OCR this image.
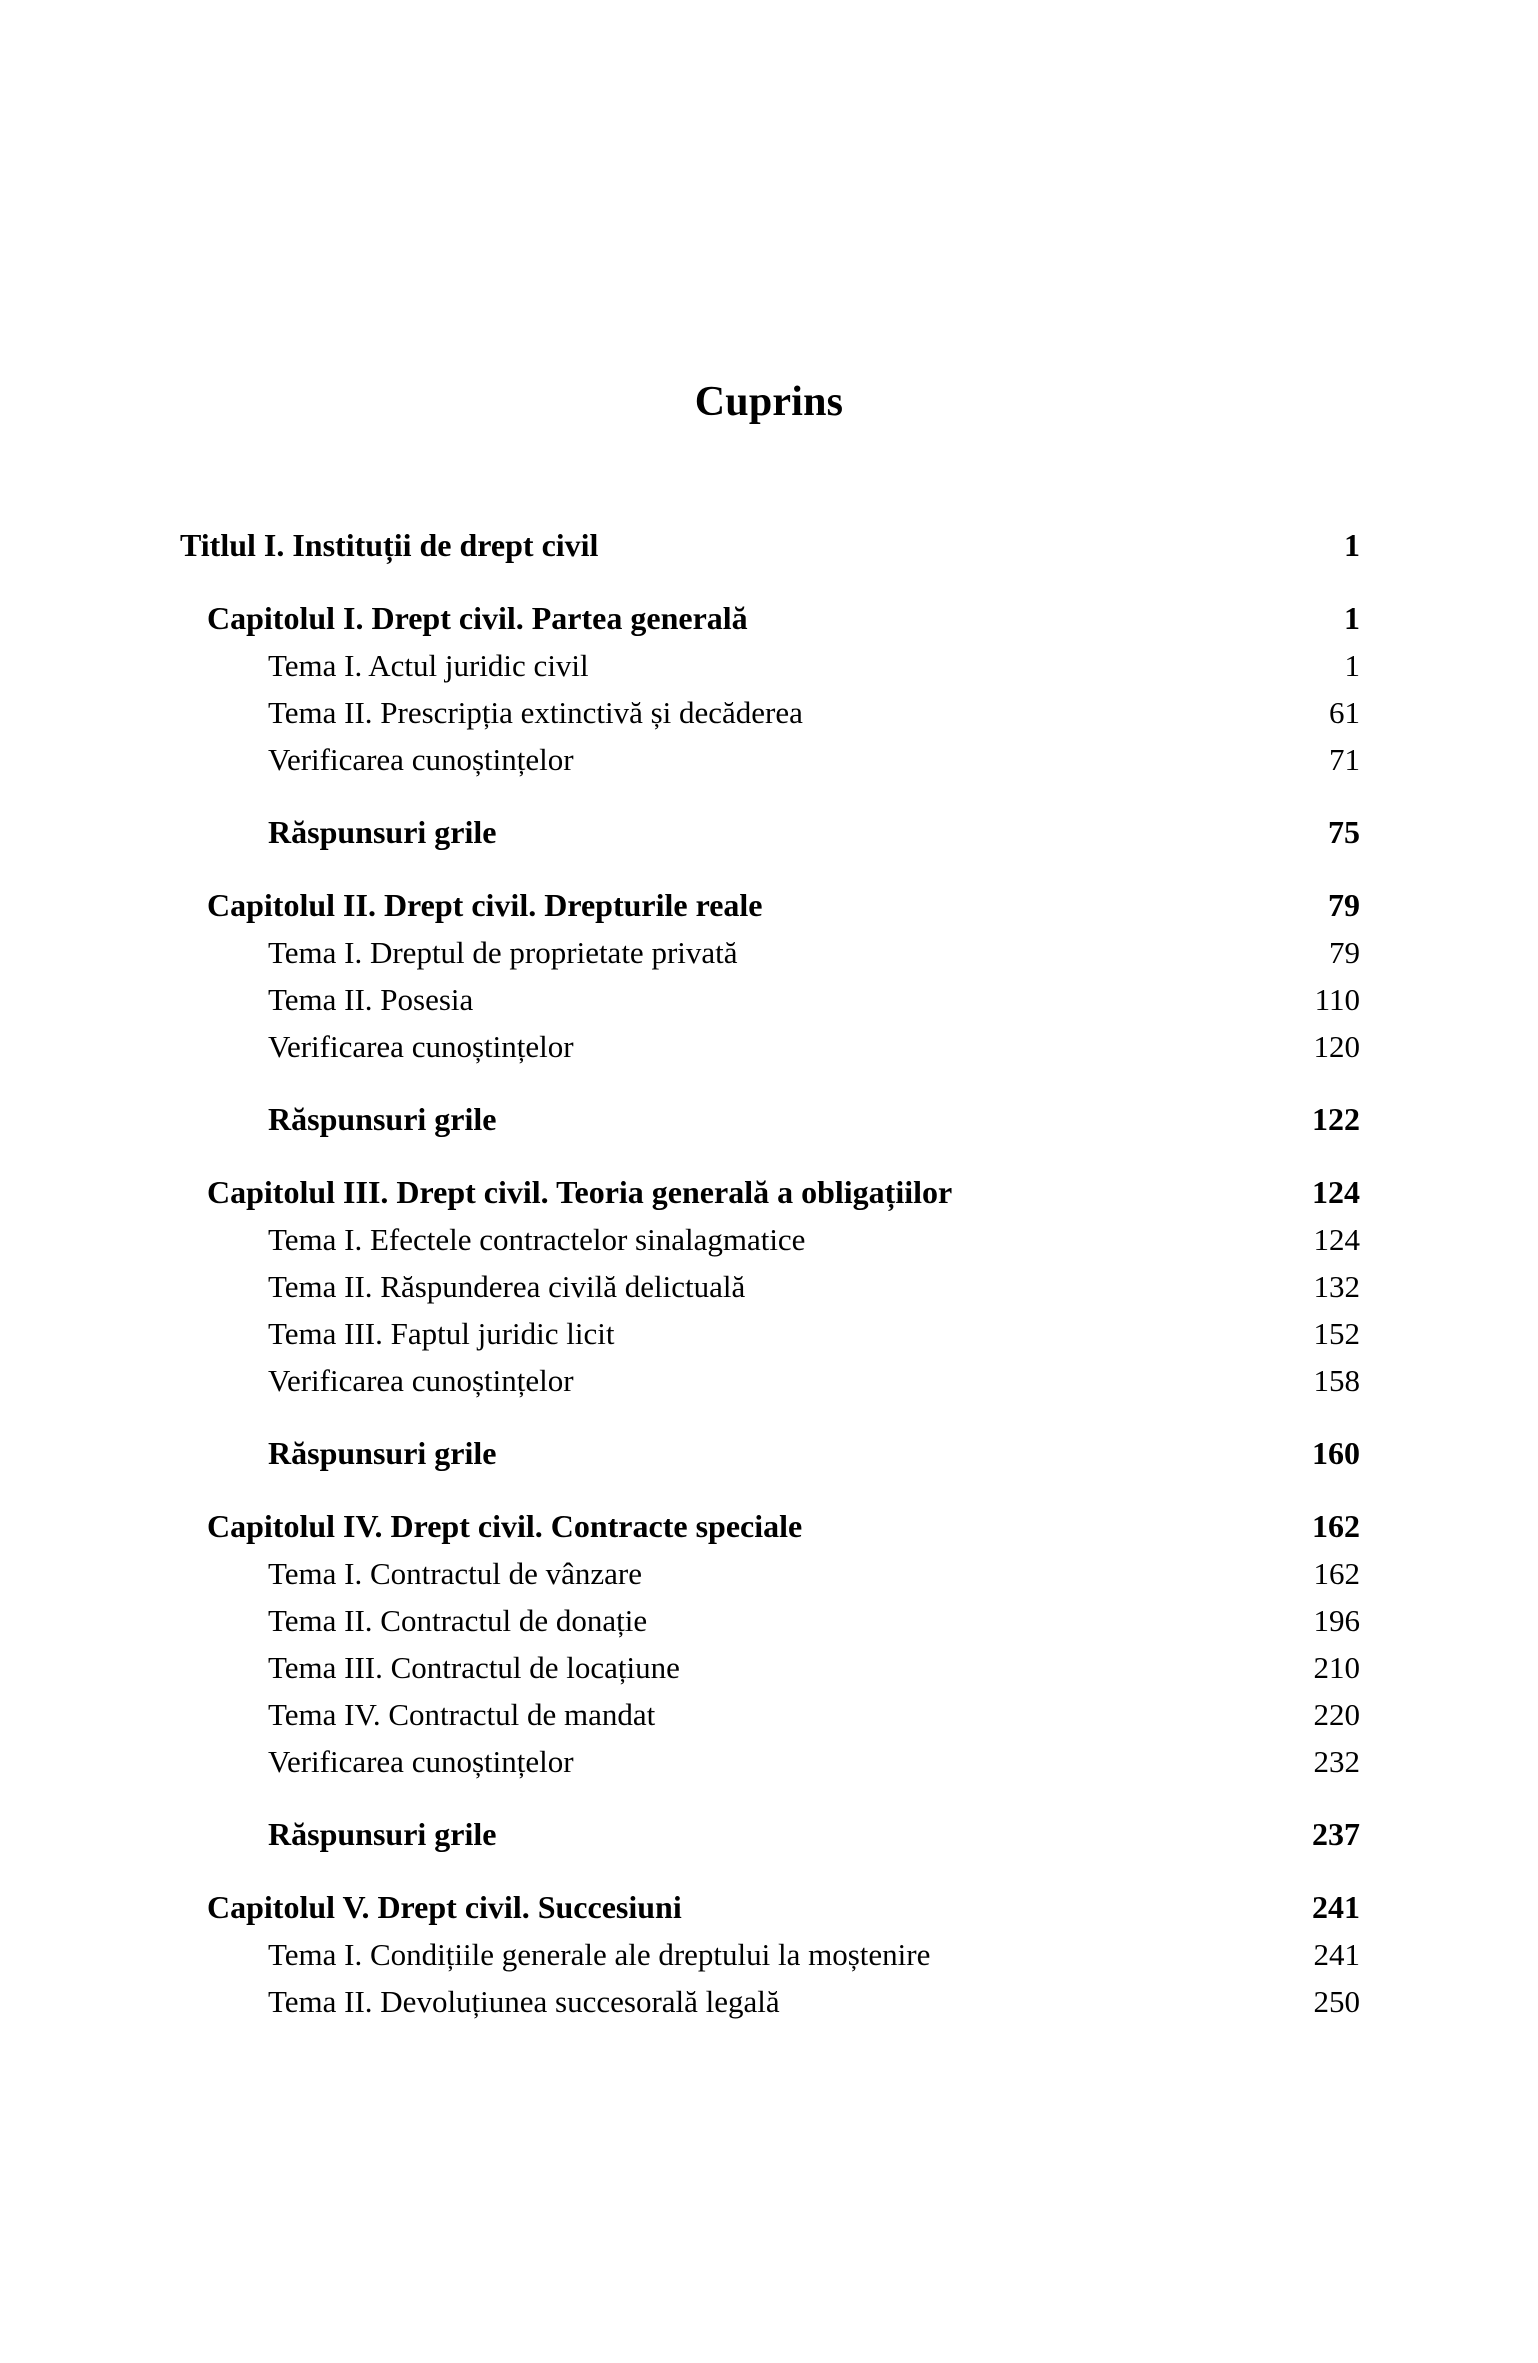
Cuprins
Titlul I. Instituții de drept civil .....	1
Capitolul I. Drept civil. Partea generală .....	1
Tema I. Actul juridic civil .....	1
Tema II. Prescripția extinctivă și decăderea .....	61
Verificarea cunoștințelor .....	71
Răspunsuri grile .....	75
Capitolul II. Drept civil. Drepturile reale .....	79
Tema I. Dreptul de proprietate privată .....	79
Tema II. Posesia .....	110
Verificarea cunoștințelor .....	120
Răspunsuri grile .....	122
Capitolul III. Drept civil. Teoria generală a obligațiilor .....	124
Tema I. Efectele contractelor sinalagmatice .....	124
Tema II. Răspunderea civilă delictuală .....	132
Tema III. Faptul juridic licit .....	152
Verificarea cunoștințelor .....	158
Răspunsuri grile .....	160
Capitolul IV. Drept civil. Contracte speciale .....	162
Tema I. Contractul de vânzare .....	162
Tema II. Contractul de donație .....	196
Tema III. Contractul de locațiune .....	210
Tema IV. Contractul de mandat .....	220
Verificarea cunoștințelor .....	232
Răspunsuri grile .....	237
Capitolul V. Drept civil. Succesiuni .....	241
Tema I. Condițiile generale ale dreptului la moștenire .....	241
Tema II. Devoluțiunea succesorală legală .....	250
